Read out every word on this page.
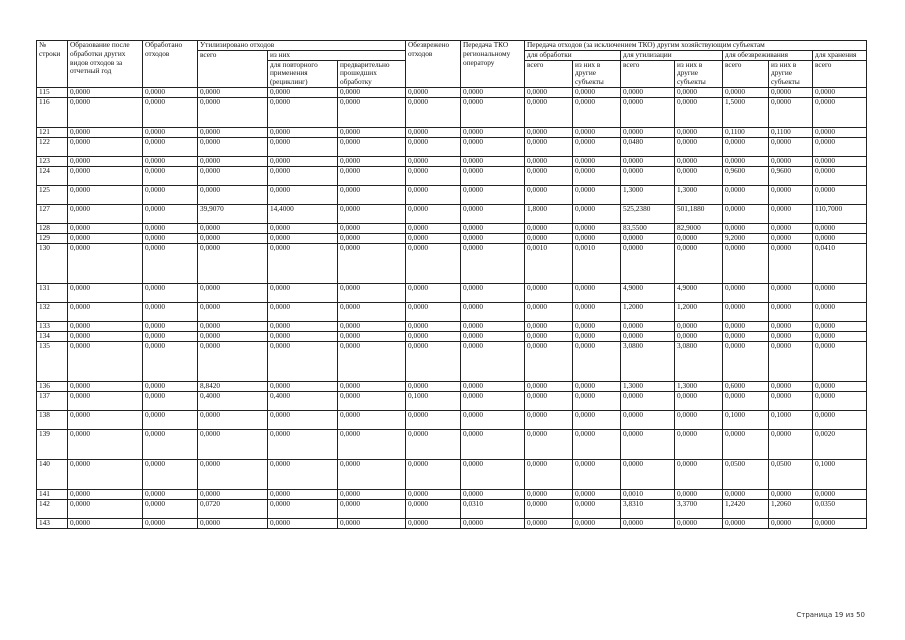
№ строки	Образование после обработки других видов отходов за отчетный год	Обработано отходов	Утилизировано отходов			Обезврежено отходов	Передача ТКО региональному оператору	Передача отходов (за исключением ТКО) другим хозяйствующим субъектам						
			всего	из них				для обработки		для утилизации		для обезвреживания		для хранения
				для повторного применения (рециклинг)	предварительно прошедших обработку			всего	из них в другие субъекты	всего	из них в другие субъекты	всего	из них в другие субъекты	всего
115	0,0000	0,0000	0,0000	0,0000	0,0000	0,0000	0,0000	0,0000	0,0000	0,0000	0,0000	0,0000	0,0000	0,0000
116	0,0000	0,0000	0,0000	0,0000	0,0000	0,0000	0,0000	0,0000	0,0000	0,0000	0,0000	1,5000	0,0000	0,0000
121	0,0000	0,0000	0,0000	0,0000	0,0000	0,0000	0,0000	0,0000	0,0000	0,0000	0,0000	0,1100	0,1100	0,0000
122	0,0000	0,0000	0,0000	0,0000	0,0000	0,0000	0,0000	0,0000	0,0000	0,0480	0,0000	0,0000	0,0000	0,0000
123	0,0000	0,0000	0,0000	0,0000	0,0000	0,0000	0,0000	0,0000	0,0000	0,0000	0,0000	0,0000	0,0000	0,0000
124	0,0000	0,0000	0,0000	0,0000	0,0000	0,0000	0,0000	0,0000	0,0000	0,0000	0,0000	0,9600	0,9600	0,0000
125	0,0000	0,0000	0,0000	0,0000	0,0000	0,0000	0,0000	0,0000	0,0000	1,3000	1,3000	0,0000	0,0000	0,0000
127	0,0000	0,0000	39,9070	14,4000	0,0000	0,0000	0,0000	1,8000	0,0000	525,2380	501,1880	0,0000	0,0000	110,7000
128	0,0000	0,0000	0,0000	0,0000	0,0000	0,0000	0,0000	0,0000	0,0000	83,5500	82,9000	0,0000	0,0000	0,0000
129	0,0000	0,0000	0,0000	0,0000	0,0000	0,0000	0,0000	0,0000	0,0000	0,0000	0,0000	9,2000	0,0000	0,0000
130	0,0000	0,0000	0,0000	0,0000	0,0000	0,0000	0,0000	0,0010	0,0010	0,0000	0,0000	0,0000	0,0000	0,0410
131	0,0000	0,0000	0,0000	0,0000	0,0000	0,0000	0,0000	0,0000	0,0000	4,9000	4,9000	0,0000	0,0000	0,0000
132	0,0000	0,0000	0,0000	0,0000	0,0000	0,0000	0,0000	0,0000	0,0000	1,2000	1,2000	0,0000	0,0000	0,0000
133	0,0000	0,0000	0,0000	0,0000	0,0000	0,0000	0,0000	0,0000	0,0000	0,0000	0,0000	0,0000	0,0000	0,0000
134	0,0000	0,0000	0,0000	0,0000	0,0000	0,0000	0,0000	0,0000	0,0000	0,0000	0,0000	0,0000	0,0000	0,0000
135	0,0000	0,0000	0,0000	0,0000	0,0000	0,0000	0,0000	0,0000	0,0000	3,0800	3,0800	0,0000	0,0000	0,0000
136	0,0000	0,0000	8,8420	0,0000	0,0000	0,0000	0,0000	0,0000	0,0000	1,3000	1,3000	0,6000	0,0000	0,0000
137	0,0000	0,0000	0,4000	0,4000	0,0000	0,1000	0,0000	0,0000	0,0000	0,0000	0,0000	0,0000	0,0000	0,0000
138	0,0000	0,0000	0,0000	0,0000	0,0000	0,0000	0,0000	0,0000	0,0000	0,0000	0,0000	0,1000	0,1000	0,0000
139	0,0000	0,0000	0,0000	0,0000	0,0000	0,0000	0,0000	0,0000	0,0000	0,0000	0,0000	0,0000	0,0000	0,0020
140	0,0000	0,0000	0,0000	0,0000	0,0000	0,0000	0,0000	0,0000	0,0000	0,0000	0,0000	0,0500	0,0500	0,1000
141	0,0000	0,0000	0,0000	0,0000	0,0000	0,0000	0,0000	0,0000	0,0000	0,0010	0,0000	0,0000	0,0000	0,0000
142	0,0000	0,0000	0,0720	0,0000	0,0000	0,0000	0,0310	0,0000	0,0000	3,8310	3,3700	1,2420	1,2060	0,0350
143	0,0000	0,0000	0,0000	0,0000	0,0000	0,0000	0,0000	0,0000	0,0000	0,0000	0,0000	0,0000	0,0000	0,0000
Страница 19 из 50
